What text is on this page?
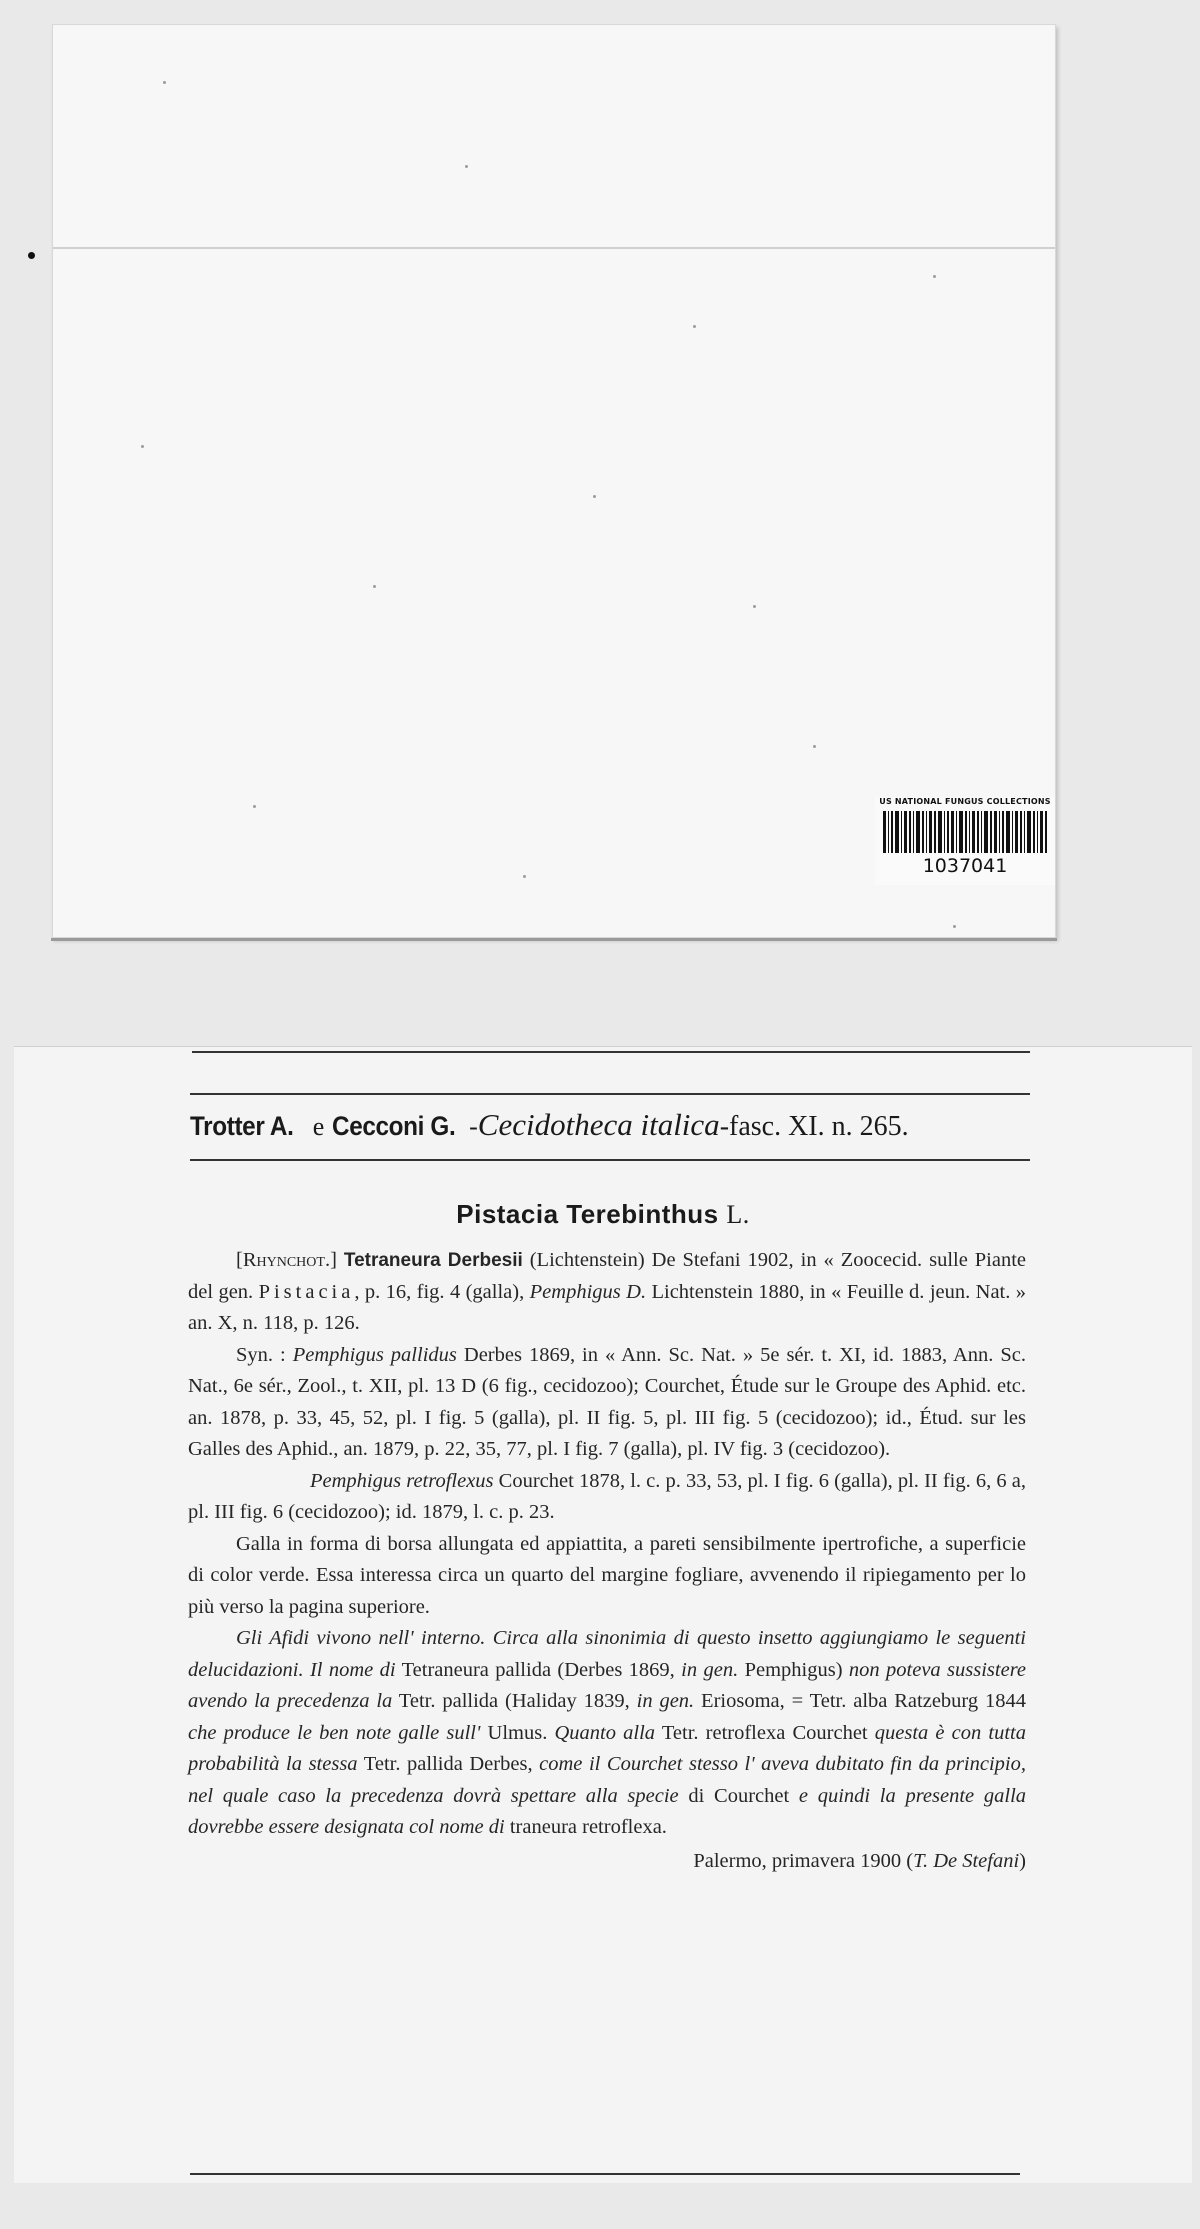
US NATIONAL FUNGUS COLLECTIONS
1037041
Trotter A. e Cecconi G. -Cecidotheca italica-fasc. XI. n. 265.
Pistacia Terebinthus L.

[Rhynchot.] Tetraneura Derbesii (Lichtenstein) De Stefani 1902, in « Zoocecid. sulle Piante del gen. Pistacia, p. 16, fig. 4 (galla), Pemphigus D. Lichtenstein 1880, in « Feuille d. jeun. Nat. » an. X, n. 118, p. 126.

Syn. : Pemphigus pallidus Derbes 1869, in « Ann. Sc. Nat. » 5e sér. t. XI, id. 1883, Ann. Sc. Nat., 6e sér., Zool., t. XII, pl. 13 D (6 fig., cecidozoo); Courchet, Étude sur le Groupe des Aphid. etc. an. 1878, p. 33, 45, 52, pl. I fig. 5 (galla), pl. II fig. 5, pl. III fig. 5 (cecidozoo); id., Étud. sur les Galles des Aphid., an. 1879, p. 22, 35, 77, pl. I fig. 7 (galla), pl. IV fig. 3 (cecidozoo).

Pemphigus retroflexus Courchet 1878, l. c. p. 33, 53, pl. I fig. 6 (galla), pl. II fig. 6, 6 a, pl. III fig. 6 (cecidozoo); id. 1879, l. c. p. 23.

Galla in forma di borsa allungata ed appiattita, a pareti sensibilmente ipertrofiche, a superficie di color verde. Essa interessa circa un quarto del margine fogliare, avvenendo il ripiegamento per lo più verso la pagina superiore.

Gli Afidi vivono nell' interno. Circa alla sinonimia di questo insetto aggiungiamo le seguenti delucidazioni. Il nome di Tetraneura pallida (Derbes 1869, in gen. Pemphigus) non poteva sussistere avendo la precedenza la Tetr. pallida (Haliday 1839, in gen. Eriosoma, = Tetr. alba Ratzeburg 1844 che produce le ben note galle sull' Ulmus. Quanto alla Tetr. retroflexa Courchet questa è con tutta probabilità la stessa Tetr. pallida Derbes, come il Courchet stesso l' aveva dubitato fin da principio, nel quale caso la precedenza dovrà spettare alla specie di Courchet e quindi la presente galla dovrebbe essere designata col nome di traneura retroflexa.

Palermo, primavera 1900 (T. De Stefani)
